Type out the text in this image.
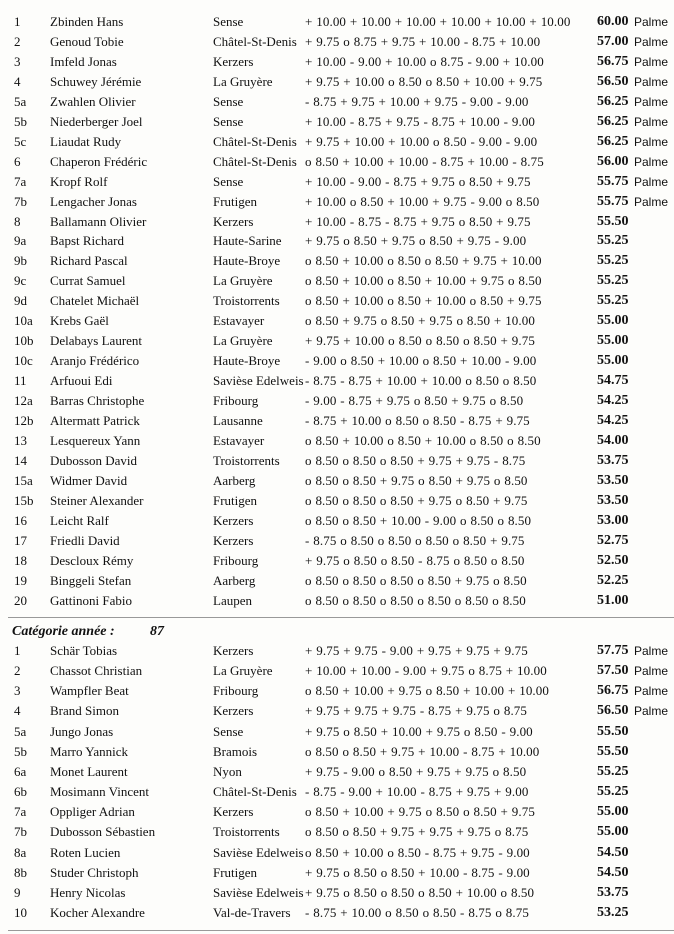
1 Zbinden Hans	Sense	+ 10.00 + 10.00 + 10.00 + 10.00 + 10.00 + 10.00 60.00 Palme
2 Genoud Tobie	Châtel-St-Denis + 9.75 o 8.75 + 9.75 + 10.00 - 8.75 + 10.00	57.00 Palme
3 Imfeld Jonas	Kerzers	+ 10.00 - 9.00 + 10.00 o 8.75 - 9.00 + 10.00	56.75 Palme
4 Schuwey Jérémie	La Gruyère + 9.75 + 10.00 o 8.50 o 8.50 + 10.00 + 9.75	56.50 Palme
5a Zwahlen Olivier	Sense	- 8.75 + 9.75 + 10.00 + 9.75 - 9.00 - 9.00	56.25 Palme
5b Niederberger Joel	Sense	+ 10.00 - 8.75 + 9.75 - 8.75 + 10.00 - 9.00	56.25 Palme
5c Liaudat Rudy	Châtel-St-Denis + 9.75 + 10.00 + 10.00 o 8.50 - 9.00 - 9.00	56.25 Palme
6 Chaperon Frédéric	Châtel-St-Denis o 8.50 + 10.00 + 10.00 - 8.75 + 10.00 - 8.75	56.00 Palme
7a Kropf Rolf	Sense	+ 10.00 - 9.00 - 8.75 + 9.75 o 8.50 + 9.75	55.75 Palme
7b Lengacher Jonas	Frutigen	+ 10.00 o 8.50 + 10.00 + 9.75 - 9.00 o 8.50	55.75 Palme
8 Ballamann Olivier	Kerzers	+ 10.00 - 8.75 - 8.75 + 9.75 o 8.50 + 9.75	55.50
9a Bapst Richard	Haute-Sarine + 9.75 o 8.50 + 9.75 o 8.50 + 9.75 - 9.00	55.25
9b Richard Pascal	Haute-Broye o 8.50 + 10.00 o 8.50 o 8.50 + 9.75 + 10.00	55.25
9c Currat Samuel	La Gruyère o 8.50 + 10.00 o 8.50 + 10.00 + 9.75 o 8.50	55.25
9d Chatelet Michaël	Troistorrents o 8.50 + 10.00 o 8.50 + 10.00 o 8.50 + 9.75	55.25
10a Krebs Gaël	Estavayer	o 8.50 + 9.75 o 8.50 + 9.75 o 8.50 + 10.00	55.00
10b Delabays Laurent	La Gruyère + 9.75 + 10.00 o 8.50 o 8.50 o 8.50 + 9.75	55.00
10c Aranjo Frédérico	Haute-Broye - 9.00 o 8.50 + 10.00 o 8.50 + 10.00 - 9.00	55.00
11 Arfuoui Edi	Savièse Edelweis - 8.75 - 8.75 + 10.00 + 10.00 o 8.50 o 8.50	54.75
12a Barras Christophe	Fribourg	- 9.00 - 8.75 + 9.75 o 8.50 + 9.75 o 8.50	54.25
12b Altermatt Patrick	Lausanne	- 8.75 + 10.00 o 8.50 o 8.50 - 8.75 + 9.75	54.25
13 Lesquereux Yann	Estavayer	o 8.50 + 10.00 o 8.50 + 10.00 o 8.50 o 8.50	54.00
14 Dubosson David	Troistorrents o 8.50 o 8.50 o 8.50 + 9.75 + 9.75 - 8.75	53.75
15a Widmer David	Aarberg	o 8.50 o 8.50 + 9.75 o 8.50 + 9.75 o 8.50	53.50
15b Steiner Alexander	Frutigen	o 8.50 o 8.50 o 8.50 + 9.75 o 8.50 + 9.75	53.50
16 Leicht Ralf	Kerzers	o 8.50 o 8.50 + 10.00 - 9.00 o 8.50 o 8.50	53.00
17 Friedli David	Kerzers	- 8.75 o 8.50 o 8.50 o 8.50 o 8.50 + 9.75	52.75
18 Descloux Rémy	Fribourg	+ 9.75 o 8.50 o 8.50 - 8.75 o 8.50 o 8.50	52.50
19 Binggeli Stefan	Aarberg	o 8.50 o 8.50 o 8.50 o 8.50 + 9.75 o 8.50	52.25
20 Gattinoni Fabio	Laupen	o 8.50 o 8.50 o 8.50 o 8.50 o 8.50 o 8.50	51.00
Catégorie année :	87
1 Schär Tobias	Kerzers	+ 9.75 + 9.75 - 9.00 + 9.75 + 9.75 + 9.75	57.75 Palme
2 Chassot Christian	La Gruyère + 10.00 + 10.00 - 9.00 + 9.75 o 8.75 + 10.00	57.50 Palme
3 Wampfler Beat	Fribourg	o 8.50 + 10.00 + 9.75 o 8.50 + 10.00 + 10.00	56.75 Palme
4 Brand Simon	Kerzers	+ 9.75 + 9.75 + 9.75 - 8.75 + 9.75 o 8.75	56.50 Palme
5a Jungo Jonas	Sense	+ 9.75 o 8.50 + 10.00 + 9.75 o 8.50 - 9.00	55.50
5b Marro Yannick	Bramois	o 8.50 o 8.50 + 9.75 + 10.00 - 8.75 + 10.00	55.50
6a Monet Laurent	Nyon	+ 9.75 - 9.00 o 8.50 + 9.75 + 9.75 o 8.50	55.25
6b Mosimann Vincent	Châtel-St-Denis - 8.75 - 9.00 + 10.00 - 8.75 + 9.75 + 9.00	55.25
7a Oppliger Adrian	Kerzers	o 8.50 + 10.00 + 9.75 o 8.50 o 8.50 + 9.75	55.00
7b Dubosson Sébastien	Troistorrents o 8.50 o 8.50 + 9.75 + 9.75 + 9.75 o 8.75	55.00
8a Roten Lucien	Savièse Edelweis o 8.50 + 10.00 o 8.50 - 8.75 + 9.75 - 9.00	54.50
8b Studer Christoph	Frutigen	+ 9.75 o 8.50 o 8.50 + 10.00 - 8.75 - 9.00	54.50
9 Henry Nicolas	Savièse Edelweis + 9.75 o 8.50 o 8.50 o 8.50 + 10.00 o 8.50	53.75
10 Kocher Alexandre	Val-de-Travers - 8.75 + 10.00 o 8.50 o 8.50 - 8.75 o 8.75	53.25
